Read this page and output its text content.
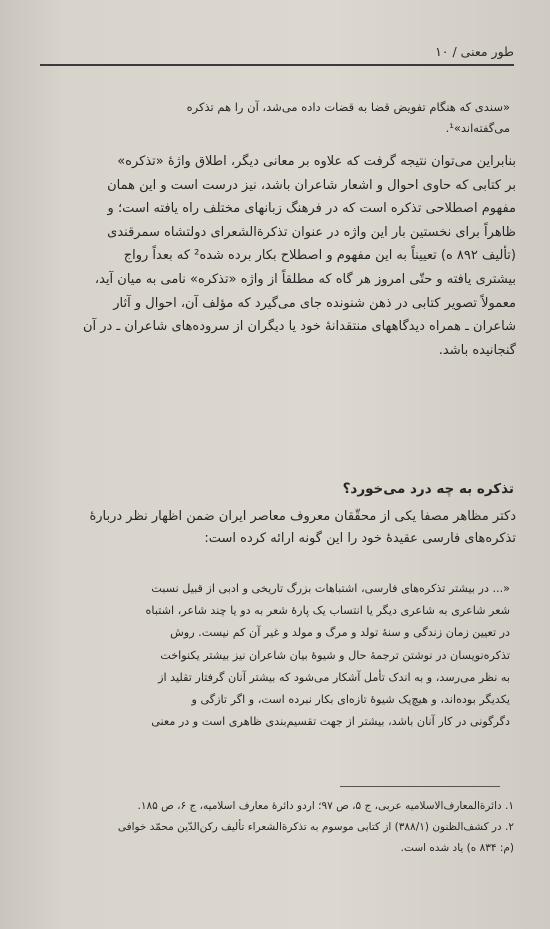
طور معنی / ۱۰

«سندی که هنگام تفویض قضا به قضات داده می‌شد، آن را هم تذکره

می‌گفته‌اند»¹.

بنابراین می‌توان نتیجه گرفت که علاوه بر معانی دیگر، اطلاق واژهٔ «تذکره»

بر کتابی که حاوی احوال و اشعار شاعران باشد، نیز درست است و این همان

مفهوم اصطلاحی تذکره است که در فرهنگ زبانهای مختلف راه یافته است؛ و

ظاهراً برای نخستین بار این واژه در عنوان تذکرةالشعرای دولتشاه سمرقندی

(تألیف ۸۹۲ ه) تعییناً به این مفهوم و اصطلاح بکار برده شده² که بعداً رواج

بیشتری یافته و حتّی امروز هر گاه که مطلقاً از واژه «تذکره» نامی به میان آید،

معمولاً تصویر کتابی در ذهن شنونده جای می‌گیرد که مؤلف آن، احوال و آثار

شاعران ـ همراه دیدگاههای منتقدانهٔ خود یا دیگران از سروده‌های شاعران ـ در آن

گنجانیده باشد.

تذکره به چه درد می‌خورد؟

دکتر مظاهر مصفا یکی از محقّقان معروف معاصر ایران ضمن اظهار نظر دربارهٔ

تذکره‌های فارسی عقیدهٔ خود را این گونه ارائه کرده است:

«... در بیشتر تذکره‌های فارسی، اشتباهات بزرگ تاریخی و ادبی از قبیل نسبت

شعر شاعری به شاعری دیگر یا انتساب یک پارهٔ شعر به دو یا چند شاعر، اشتباه

در تعیین زمان زندگی و سنهٔ تولد و مرگ و مولد و غیر آن کم نیست. روش

تذکره‌نویسان در نوشتن ترجمهٔ حال و شیوهٔ بیان شاعران نیز بیشتر یکنواخت

به نظر می‌رسد، و به اندک تأمل آشکار می‌شود که بیشتر آنان گرفتار تقلید از

یکدیگر بوده‌اند، و هیچ‌یک شیوهٔ تازه‌ای بکار نبرده است، و اگر تازگی و

دگرگونی در کار آنان باشد، بیشتر از جهت تقسیم‌بندی ظاهری است و در معنی

۱. دائرةالمعارف‌الاسلامیه عربی، ج ۵، ص ۹۷؛ اردو دائرهٔ معارف اسلامیه، ج ۶، ص ۱۸۵.

۲. در کشف‌الظنون (۳۸۸/۱) از کتابی موسوم به تذکرةالشعراء تألیف رکن‌الدّین محمّد خوافی

(م: ۸۳۴ ه) یاد شده است.
